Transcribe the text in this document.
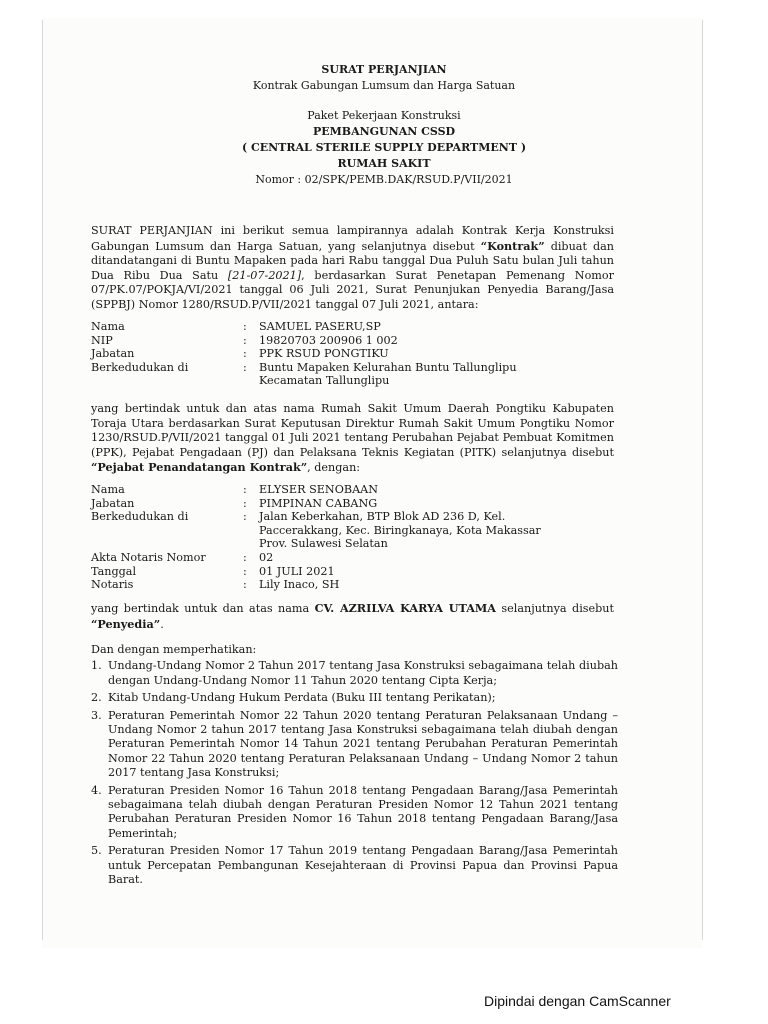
SURAT PERJANJIAN
Kontrak Gabungan Lumsum dan Harga Satuan
Paket Pekerjaan Konstruksi
PEMBANGUNAN CSSD
( CENTRAL STERILE SUPPLY DEPARTMENT )
RUMAH SAKIT
Nomor : 02/SPK/PEMB.DAK/RSUD.P/VII/2021
SURAT PERJANJIAN ini berikut semua lampirannya adalah Kontrak Kerja Konstruksi Gabungan Lumsum dan Harga Satuan, yang selanjutnya disebut “Kontrak” dibuat dan ditandatangani di Buntu Mapaken pada hari Rabu tanggal Dua Puluh Satu bulan Juli tahun Dua Ribu Dua Satu [21-07-2021], berdasarkan Surat Penetapan Pemenang Nomor 07/PK.07/POKJA/VI/2021 tanggal 06 Juli 2021, Surat Penunjukan Penyedia Barang/Jasa (SPPBJ) Nomor 1280/RSUD.P/VII/2021 tanggal 07 Juli 2021, antara:
Nama	:	SAMUEL PASERU,SP
NIP	:	19820703 200906 1 002
Jabatan	:	PPK RSUD PONGTIKU
Berkedudukan di	:	Buntu Mapaken Kelurahan Buntu Tallunglipu
Kecamatan Tallunglipu
yang bertindak untuk dan atas nama Rumah Sakit Umum Daerah Pongtiku Kabupaten Toraja Utara berdasarkan Surat Keputusan Direktur Rumah Sakit Umum Pongtiku Nomor 1230/RSUD.P/VII/2021 tanggal 01 Juli 2021 tentang Perubahan Pejabat Pembuat Komitmen (PPK), Pejabat Pengadaan (PJ) dan Pelaksana Teknis Kegiatan (PITK) selanjutnya disebut “Pejabat Penandatangan Kontrak”, dengan:
Nama	:	ELYSER SENOBAAN
Jabatan	:	PIMPINAN CABANG
Berkedudukan di	:	Jalan Keberkahan, BTP Blok AD 236 D, Kel.
Paccerakkang, Kec. Biringkanaya, Kota Makassar
Prov. Sulawesi Selatan
Akta Notaris Nomor	:	02
Tanggal	:	01 JULI 2021
Notaris	:	Lily Inaco, SH
yang bertindak untuk dan atas nama CV. AZRILVA KARYA UTAMA selanjutnya disebut “Penyedia”.
Dan dengan memperhatikan:
1. Undang-Undang Nomor 2 Tahun 2017 tentang Jasa Konstruksi sebagaimana telah diubah dengan Undang-Undang Nomor 11 Tahun 2020 tentang Cipta Kerja;
2. Kitab Undang-Undang Hukum Perdata (Buku III tentang Perikatan);
3. Peraturan Pemerintah Nomor 22 Tahun 2020 tentang Peraturan Pelaksanaan Undang – Undang Nomor 2 tahun 2017 tentang Jasa Konstruksi sebagaimana telah diubah dengan Peraturan Pemerintah Nomor 14 Tahun 2021 tentang Perubahan Peraturan Pemerintah Nomor 22 Tahun 2020 tentang Peraturan Pelaksanaan Undang – Undang Nomor 2 tahun 2017 tentang Jasa Konstruksi;
4. Peraturan Presiden Nomor 16 Tahun 2018 tentang Pengadaan Barang/Jasa Pemerintah sebagaimana telah diubah dengan Peraturan Presiden Nomor 12 Tahun 2021 tentang Perubahan Peraturan Presiden Nomor 16 Tahun 2018 tentang Pengadaan Barang/Jasa Pemerintah;
5. Peraturan Presiden Nomor 17 Tahun 2019 tentang Pengadaan Barang/Jasa Pemerintah untuk Percepatan Pembangunan Kesejahteraan di Provinsi Papua dan Provinsi Papua Barat.
Dipindai dengan CamScanner
